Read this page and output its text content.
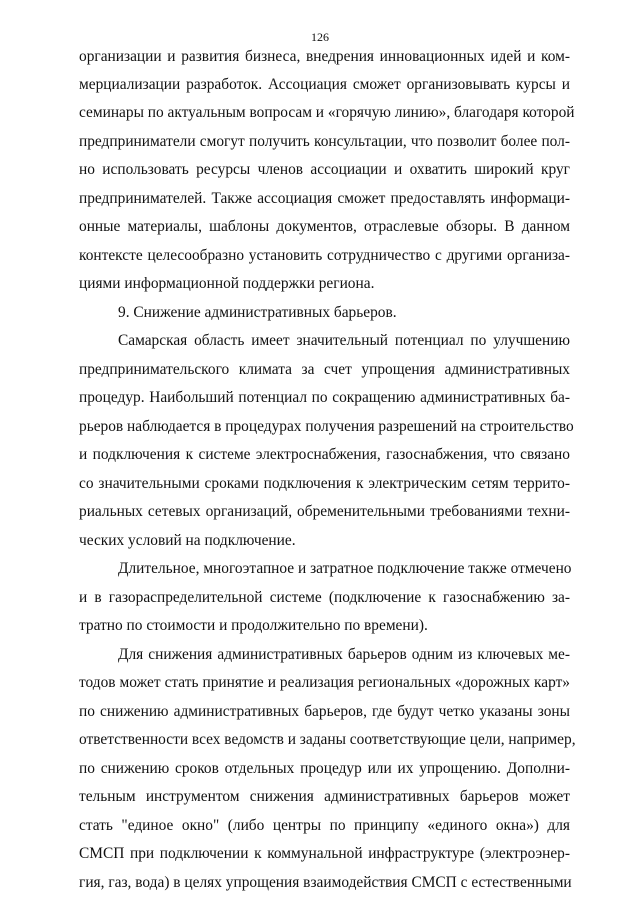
126
организации и развития бизнеса, внедрения инновационных идей и ком-
мерциализации разработок. Ассоциация сможет организовывать курсы и
семинары по актуальным вопросам и «горячую линию», благодаря которой
предприниматели смогут получить консультации, что позволит более пол-
но использовать ресурсы членов ассоциации и охватить широкий круг
предпринимателей. Также ассоциация сможет предоставлять информаци-
онные материалы, шаблоны документов, отраслевые обзоры. В данном
контексте целесообразно установить сотрудничество с другими организа-
циями информационной поддержки региона.
9. Снижение административных барьеров.
Самарская область имеет значительный потенциал по улучшению
предпринимательского климата за счет упрощения административных
процедур. Наибольший потенциал по сокращению административных ба-
рьеров наблюдается в процедурах получения разрешений на строительство
и подключения к системе электроснабжения, газоснабжения, что связано
со значительными сроками подключения к электрическим сетям террито-
риальных сетевых организаций, обременительными требованиями техни-
ческих условий на подключение.
Длительное, многоэтапное и затратное подключение также отмечено
и в газораспределительной системе (подключение к газоснабжению за-
тратно по стоимости и продолжительно по времени).
Для снижения административных барьеров одним из ключевых ме-
тодов может стать принятие и реализация региональных «дорожных карт»
по снижению административных барьеров, где будут четко указаны зоны
ответственности всех ведомств и заданы соответствующие цели, например,
по снижению сроков отдельных процедур или их упрощению. Дополни-
тельным инструментом снижения административных барьеров может
стать "единое окно" (либо центры по принципу «единого окна») для
СМСП при подключении к коммунальной инфраструктуре (электроэнер-
гия, газ, вода) в целях упрощения взаимодействия СМСП с естественными
